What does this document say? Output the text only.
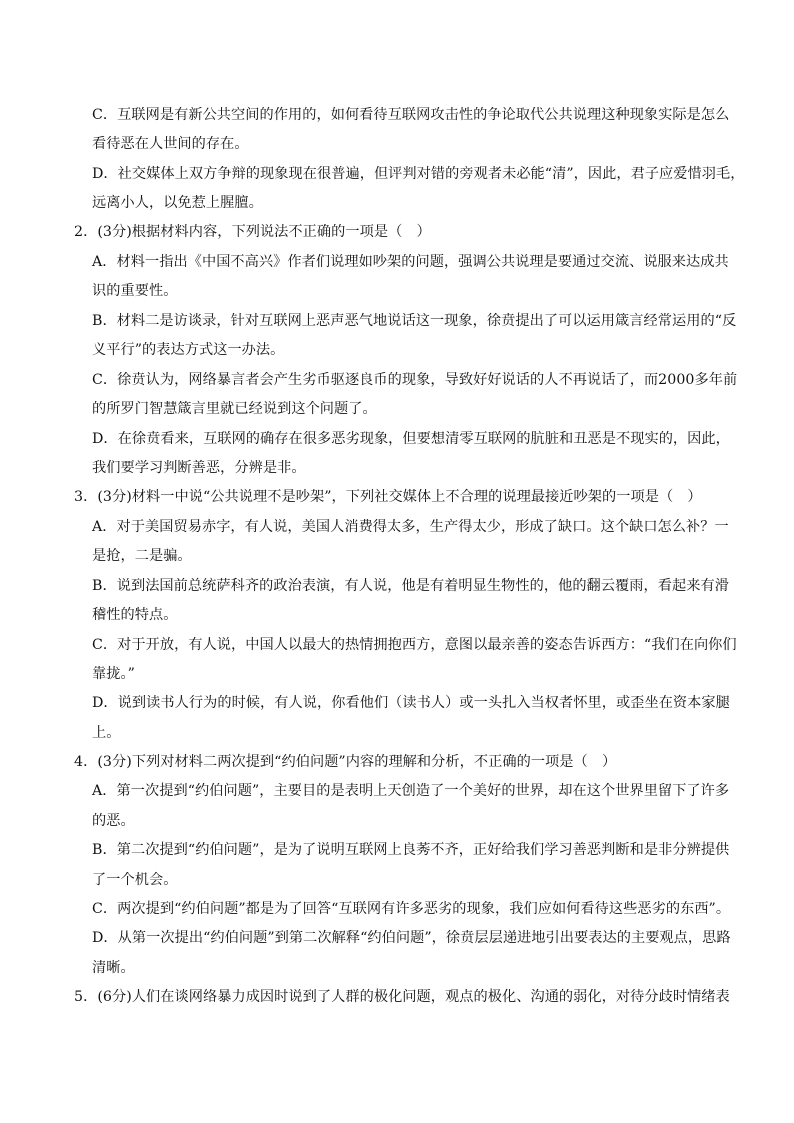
C．互联网是有新公共空间的作用的，如何看待互联网攻击性的争论取代公共说理这种现象实际是怎么
看待恶在人世间的存在。
D．社交媒体上双方争辩的现象现在很普遍，但评判对错的旁观者未必能“清”，因此，君子应爱惜羽毛，
远离小人，以免惹上腥膻。
2．(3分)根据材料内容，下列说法不正确的一项是（　）
A．材料一指出《中国不高兴》作者们说理如吵架的问题，强调公共说理是要通过交流、说服来达成共
识的重要性。
B．材料二是访谈录，针对互联网上恶声恶气地说话这一现象，徐贲提出了可以运用箴言经常运用的“反
义平行”的表达方式这一办法。
C．徐贲认为，网络暴言者会产生劣币驱逐良币的现象，导致好好说话的人不再说话了，而2000多年前
的所罗门智慧箴言里就已经说到这个问题了。
D．在徐贲看来，互联网的确存在很多恶劣现象，但要想清零互联网的肮脏和丑恶是不现实的，因此，
我们要学习判断善恶，分辨是非。
3．(3分)材料一中说“公共说理不是吵架”，下列社交媒体上不合理的说理最接近吵架的一项是（　）
A．对于美国贸易赤字，有人说，美国人消费得太多，生产得太少，形成了缺口。这个缺口怎么补？一
是抢，二是骗。
B．说到法国前总统萨科齐的政治表演，有人说，他是有着明显生物性的，他的翻云覆雨，看起来有滑
稽性的特点。
C．对于开放，有人说，中国人以最大的热情拥抱西方，意图以最亲善的姿态告诉西方：“我们在向你们
靠拢。”
D．说到读书人行为的时候，有人说，你看他们（读书人）或一头扎入当权者怀里，或歪坐在资本家腿
上。
4．(3分)下列对材料二两次提到“约伯问题”内容的理解和分析，不正确的一项是（　）
A．第一次提到“约伯问题”，主要目的是表明上天创造了一个美好的世界，却在这个世界里留下了许多
的恶。
B．第二次提到“约伯问题”，是为了说明互联网上良莠不齐，正好给我们学习善恶判断和是非分辨提供
了一个机会。
C．两次提到“约伯问题”都是为了回答“互联网有许多恶劣的现象，我们应如何看待这些恶劣的东西”。
D．从第一次提出“约伯问题”到第二次解释“约伯问题”，徐贲层层递进地引出要表达的主要观点，思路
清晰。
5．(6分)人们在谈网络暴力成因时说到了人群的极化问题，观点的极化、沟通的弱化，对待分歧时情绪表
